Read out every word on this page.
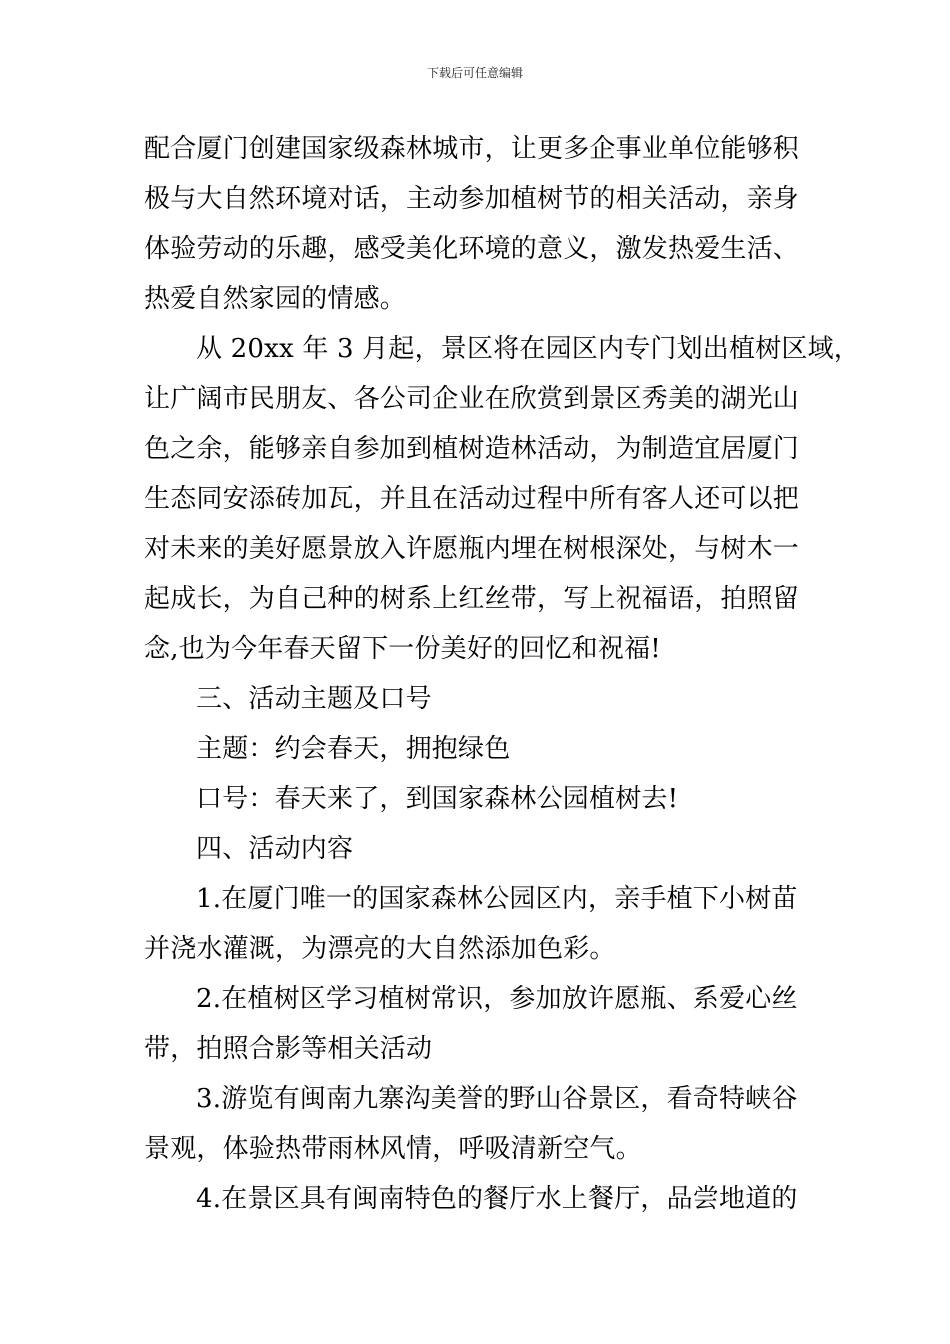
下载后可任意编辑

配合厦门创建国家级森林城市，让更多企事业单位能够积

极与大自然环境对话，主动参加植树节的相关活动，亲身

体验劳动的乐趣，感受美化环境的意义，激发热爱生活、

热爱自然家园的情感。

从 20xx 年 3 月起，景区将在园区内专门划出植树区域，

让广阔市民朋友、各公司企业在欣赏到景区秀美的湖光山

色之余，能够亲自参加到植树造林活动，为制造宜居厦门

生态同安添砖加瓦，并且在活动过程中所有客人还可以把

对未来的美好愿景放入许愿瓶内埋在树根深处，与树木一

起成长，为自己种的树系上红丝带，写上祝福语，拍照留

念,也为今年春天留下一份美好的回忆和祝福!

三、活动主题及口号

主题：约会春天，拥抱绿色

口号：春天来了，到国家森林公园植树去!

四、活动内容

1.在厦门唯一的国家森林公园区内，亲手植下小树苗

并浇水灌溉，为漂亮的大自然添加色彩。

2.在植树区学习植树常识，参加放许愿瓶、系爱心丝

带，拍照合影等相关活动

3.游览有闽南九寨沟美誉的野山谷景区，看奇特峡谷

景观，体验热带雨林风情，呼吸清新空气。

4.在景区具有闽南特色的餐厅水上餐厅，品尝地道的
